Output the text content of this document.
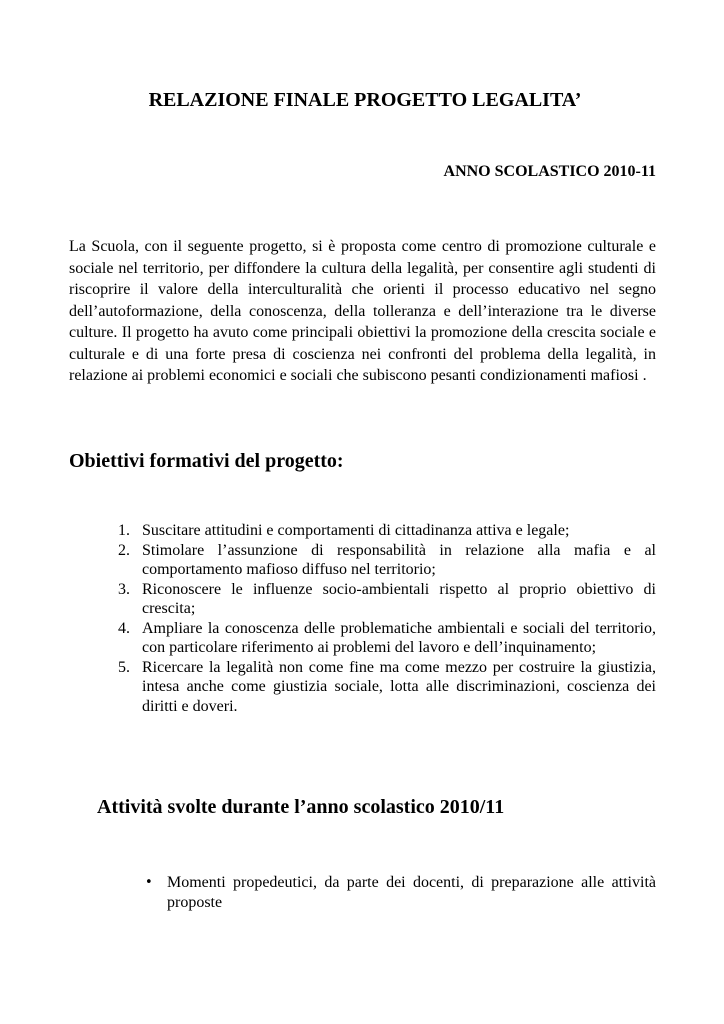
RELAZIONE FINALE PROGETTO LEGALITA’

ANNO SCOLASTICO 2010-11

La Scuola, con il seguente progetto, si è proposta come centro di promozione culturale e sociale nel territorio, per diffondere la cultura della legalità, per consentire agli studenti di riscoprire il valore della interculturalità che orienti il processo educativo nel segno dell’autoformazione, della conoscenza, della tolleranza e dell’interazione tra le diverse culture. Il progetto ha avuto come principali obiettivi la promozione della crescita sociale e culturale e di una forte presa di coscienza nei confronti del problema della legalità, in relazione ai problemi economici e sociali che subiscono pesanti condizionamenti mafiosi .

Obiettivi formativi del progetto:
1. Suscitare attitudini e comportamenti di cittadinanza attiva e legale;
2. Stimolare l’assunzione di responsabilità in relazione alla mafia e al comportamento mafioso diffuso nel territorio;
3. Riconoscere le influenze socio-ambientali rispetto al proprio obiettivo di crescita;
4. Ampliare la conoscenza delle problematiche ambientali e sociali del territorio, con particolare riferimento ai problemi del lavoro e dell’inquinamento;
5. Ricercare la legalità non come fine ma come mezzo per costruire la giustizia, intesa anche come giustizia sociale, lotta alle discriminazioni, coscienza dei diritti e doveri.
Attività svolte durante l’anno scolastico 2010/11
• Momenti propedeutici, da parte dei docenti, di preparazione alle attività proposte
